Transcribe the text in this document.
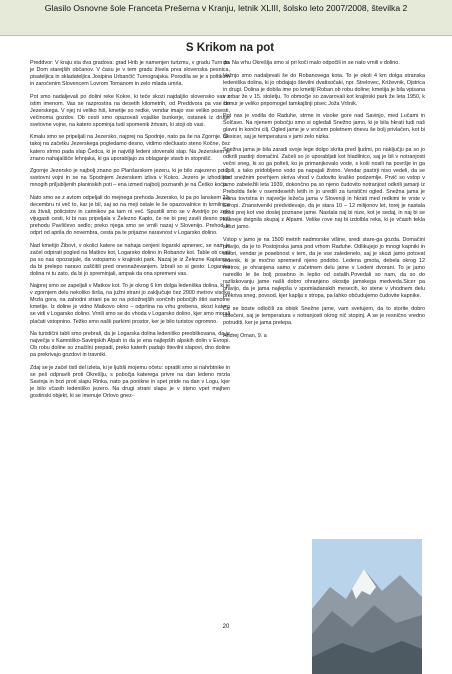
Glasilo Osnovne šole Franceta Prešerna v Kranju, letnik XLIII, šolsko leto 2007/2008, številka 2
S Krikom na pot

Preddvor: V kraju sta dva gradova: grad Hrib je namenjen turizmu, v gradu Turn pa je Dom starejših občanov. V času je v tem gradu živela prva slovenska pesnica, pisateljica in skladateljica Josipina Urbančič Turnograjska. Porodila se je s poltikom in zaročenim Slovencem Lovrom Tomanom in zelo mlada umrla.

Pot smo nadaljevali po dolini reke Kokre, ki teče skozi najdaljšo slovensko vas z istim imenom. Vas se razprostira na desetih kilometrih, od Preddvora pa vse do Jezerskega. V njej ni veliko hiš, kmetije so redke, vendar imajo vse veliko posesti, večinoma gozdov. Ob cesti smo opazovali vojaške bunkerje, ostanek iz druge svetovne vojne, na katero spominja tudi spomenik žrtvam, ki stoji ob vasi.

Kmalu smo se pripeljali na Jezersko, najprej na Spodnje, nato pa še na Zgornje. Če takoj na začetku Jezerskega pogledamo desno, vidimo rdečkasto steno Kočne, čez katero strmo pada slap Čedca, ki je najvišji ledeni slovenski slap. Na Jezerskem je znano nahajališče lehnjaka, ki ga uporabljajo za oblaganje stavb in stopnišč.

Zgornje Jezersko je najbolj znano po Planšarskem jezeru, ki je bilo zajezeno po 2. svetovni vojni in se na Spodnjem Jezerskem izliva v Kokro. Jezero je izhodišče mnogih priljubljenih planinskih poti – ena izmed najbolj poznanih je na Češko koćo.

Nato smo se z avtom odpeljali do mejnega prehoda Jezersko, ki pa po lanskem 21. decembru ni več to, kar je bil, saj so na meji ostale le še opazovalnice in krmilnice za živali, policistov in carinikov pa tam ni več. Spustili smo se v Avstrijo po zelo vijugasti cesti, ki bi nas pripeljala v Železno Kaplo, če ne bi prej zavili desno proti prehodu Pavličevo sedlo; preko njega smo se vrnili nazaj v Slovenijo. Prehod je odprt od aprila do novembra, cesta pa te prijazne naravnost v Logarsko dolino.

Nad kmetijo Žibovt, v okolici katere se nahaja cenjeni logarski apnenec, se nam je začel odpirati pogled na Matkov kot, Logarsko dolino in Robanov kot. Table ob cesti pa so nas opozarjale, da vstopamo v krajinski park. Nazaj je iz Železne Kaplanov, da bi prelepo naravo zaščitili pred onesnaževanjem. Izbrali so si gesto: Logarska dolina ni tu zato, da bi jo spreminjali, ampak da ona spremeni vas.

Najprej smo se zapeljali v Matkov kot. To je okrog 6 km dolga ledeniška dolina, ki je v zgornjem delu nekoliko širša, na južni strani jo zaključuje čez 2000 metrov visoka Mrzla gora, na zahodni strani pa so na položnejših sončnih pobočjih štiri samotne kmetije. Iz doline je vidno Matkovo okno – odprtina na vrhu grebena, skozi katero se vidi v Logarsko dolino. Vrnili smo se do vhoda v Logarsko dolino, kjer smo morali plačati vstopnino. Težko smo našli parkirni prostor, ker je bilo turistov ogromno.

Na turistični tabli smo prebrali, da je Logarska dolina ledeniško preoblikovana, da je največja v Kamniško-Savinjskih Alpah in da je ena najlepših alpskih dolin v Evropi. Ob robu doline so značilni prepadi, preko katerih padajo številni slapovi, dno doline pa prekrivajo gozdovi in travniki.

Zdaj se je začel tisti del izleta, ki je ljubši mojemu očetu: opratili smo si nahrbtnike in se peš odpravili proti Okrešlju, s pobočja katerega privre na dan ledeno mrzla Savinja in brzi proti slapu Rinka, nato pa ponikne in spet pride na dan v Logu, kjer je bilo včasih ledeniško jezero. Na drugi strani slapu je v steno vpet majhen gostinski objekt, ki se imenuje Orlovo gnez-

do. Na vrhu Okrešlja smo si pri koči malo odpočili in se nato vrnili v dolino.

Vožnjo smo nadaljevali še do Robanovega kota. To je okoli 4 km dolga stranska ledeniška dolina, ki jo obdajajo številni dvatisočaki, npr. Strelovec, Križevnik, Ojstrica in drugi. Dolina je dobila ime po kmetiji Roban ob robu doline; kmetija je bila vpisana v urbar že v 15. stoletju. To območje so zavarovali kot krajinski park že leta 1950, k čemur je veliko pripomogel tamkajšnji pisec Joža Vršnik.

Pot nas je vodila do Raduhe, strme in visoke gore nad Savinjo, med Lučami in Solčavo. Na njenem pobočju smo si ogledali Snežno jamo, ki je bila hkrati tudi naš glavni in končni cilj. Ogled jame je v vročem poletnem dnevu še bolj privlačen, kot bi bil sicer, saj je temperatura v jami zelo nizka.

Snežna jama je bila zaradi svoje lege dolgo skrita pred ljudmi, po naključju pa so jo odkrili pastirji domačini. Začeli so jo uporabljati kot hladilnico, saj je bil v notranjosti večni sneg, ki so ga polteli, ko je primanjkovalo vode, s koši nosili na površje in ga topili, s tako pridobljeno vodo pa napajali živino. Vendar pastirji niso vedeli, da se pod snežnim povrhjem skriva vhod v čudovito kraško podzemlje. Prvič so vstop v jamo zabeležili leta 1939, dokončno pa so njeno čudovito notranjost odkrili jamarji iz Prebolda šele v osemdesetih letih in jo uredili za turistični ogled. Snežna jama je edina tovrstna in največje ležeča jama v Sloveniji in hkrati med redkimi te vrste v Evropi. Znanstveniki predvidevajo, da je stara 10 – 12 milijonov let, torej je nastala dosti prej kot vse doslej poznane jame. Nastala naj bi nize, kot je sedaj, in naj bi se kasneje dvignila skupaj z Alpami. Velike rove naj bi izdolbla reka, ki je včasih tekla skozi jamo.

Vstop v jamo je na 1500 metrih nadmorske višine, sredi stare-ga gozda. Domačini pravijo, da je to Postojnska jama pod vrhom Raduhe. Odlikujejo jo mnogi kapniki in stebri, vendar je posebnost v tem, da je vse zaledenelo, saj je skozi jamo potovat ledenik, ki je močno spremenil njeno podobo. Ledena gmota, debela okrog 12 metrov, je ohranjena samo v začetnem delu jame v Ledeni dvorani. To je jamo naredilo le še bolj posebno in lepšo od ostalih.Povedali so nam, da so do razliskovanju jame našli dobro ohranjeno okostje jamskega medveda.Sicer pa pravijo, da je jama najlepša v spomladanskih mesecih, ko stene v vhodnem delu prekriva sneg, povsod, kjer kaplja s stropa, pa lahko občudujemo čudovite kapnike.

Če se boste odločili za obisk Snežne jame, vam svetujem, da to storite dobro oblečeni, saj je temperatura v notranjosti okrog nič stopinj. A se je resnično vredno potruditi, ker je jama prelepa.

Andrej Oman, 9. a

20
